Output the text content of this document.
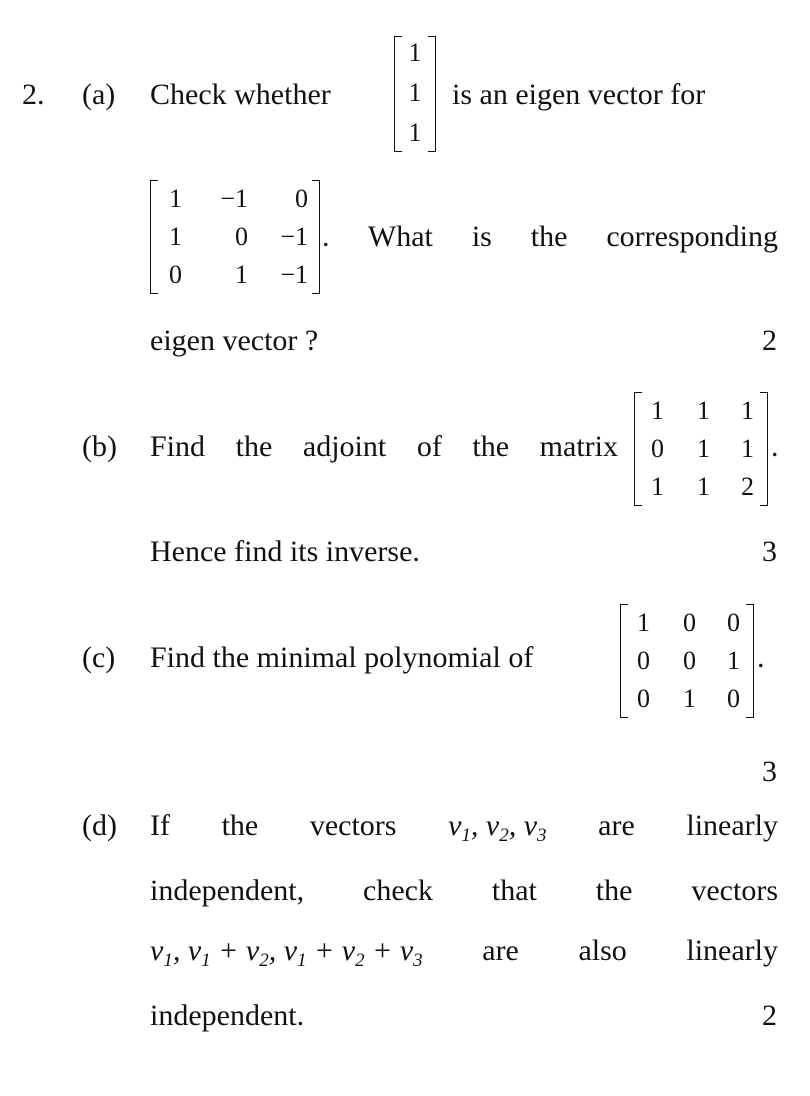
2. (a) Check whether
1
1
1
is an eigen vector for
1 −1 0
1 0 −1
0 1 −1
. What is the corresponding
eigen vector ?	2
(b) Find the adjoint of the matrix
1 1 1
0 1 1
1 1 2
.
Hence find its inverse.	3
(c) Find the minimal polynomial of
1 0 0
0 0 1
0 1 0
.
3
(d) If the vectors $v_1$, $v_2$, $v_3$ are linearly
independent, check that the vectors
$v_1$, $v_1 + v_2$, $v_1 + v_2 + v_3$ are also linearly
independent.	2
